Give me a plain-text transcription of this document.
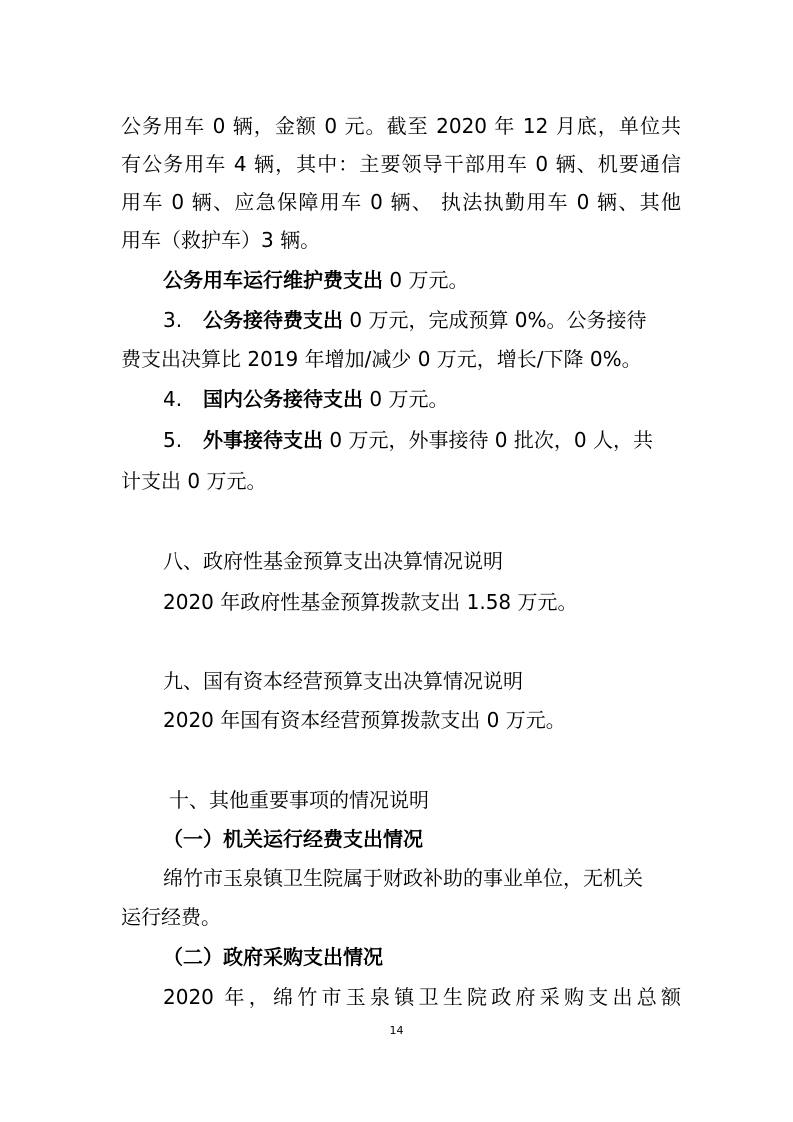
公务用车 0 辆，金额 0 元。截至 2020 年 12 月底，单位共
有公务用车 4 辆，其中：主要领导干部用车 0 辆、机要通信
用车 0 辆、应急保障用车 0 辆、 执法执勤用车 0 辆、其他
用车（救护车）3 辆。
公务用车运行维护费支出 0 万元。
3. 公务接待费支出 0 万元，完成预算 0%。公务接待
费支出决算比 2019 年增加/减少 0 万元，增长/下降 0%。
4. 国内公务接待支出 0 万元。
5. 外事接待支出 0 万元，外事接待 0 批次，0 人，共
计支出 0 万元。
八、政府性基金预算支出决算情况说明
2020 年政府性基金预算拨款支出 1.58 万元。
九、国有资本经营预算支出决算情况说明
2020 年国有资本经营预算拨款支出 0 万元。
十、其他重要事项的情况说明
（一）机关运行经费支出情况
绵竹市玉泉镇卫生院属于财政补助的事业单位，无机关
运行经费。
（二）政府采购支出情况
2020 年，绵竹市玉泉镇卫生院政府采购支出总额
14
